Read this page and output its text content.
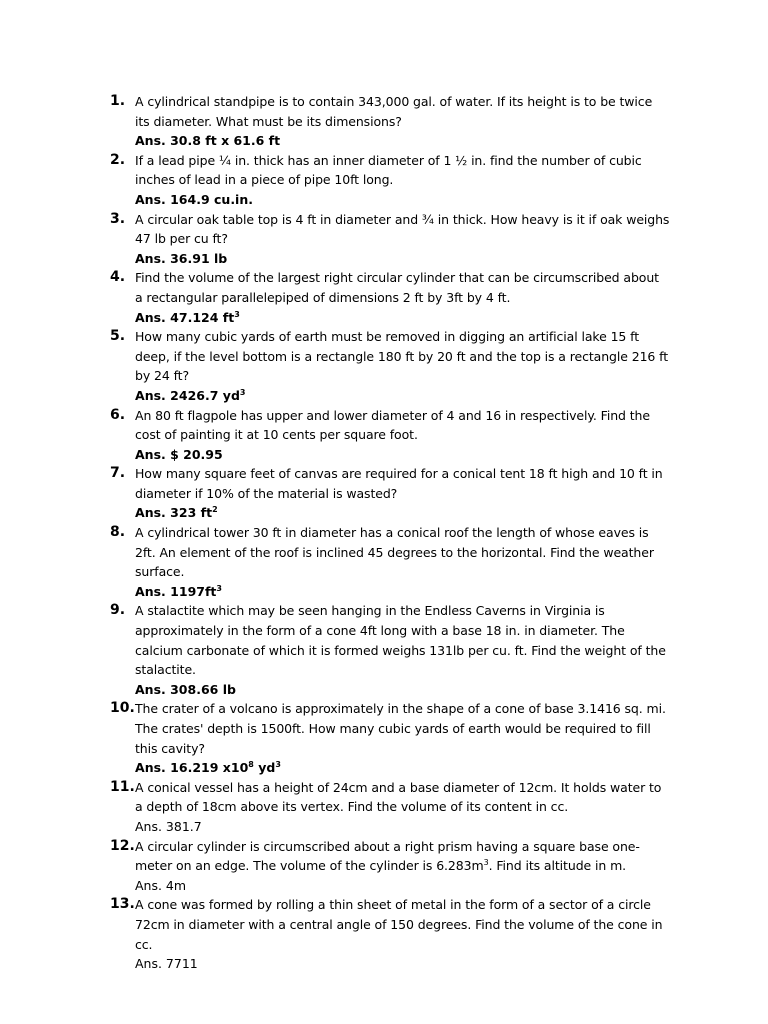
1. A cylindrical standpipe is to contain 343,000 gal. of water. If its height is to be twice its diameter. What must be its dimensions?
Ans. 30.8 ft x 61.6 ft
2. If a lead pipe ¼ in. thick has an inner diameter of 1 ½ in. find the number of cubic inches of lead in a piece of pipe 10ft long.
Ans. 164.9 cu.in.
3. A circular oak table top is 4 ft in diameter and ¾ in thick. How heavy is it if oak weighs 47 lb per cu ft?
Ans. 36.91 lb
4. Find the volume of the largest right circular cylinder that can be circumscribed about a rectangular parallelepiped of dimensions 2 ft by 3ft by 4 ft.
Ans. 47.124 $ft^3$
5. How many cubic yards of earth must be removed in digging an artificial lake 15 ft deep, if the level bottom is a rectangle 180 ft by 20 ft and the top is a rectangle 216 ft by 24 ft?
Ans. 2426.7 $yd^3$
6. An 80 ft flagpole has upper and lower diameter of 4 and 16 in respectively. Find the cost of painting it at 10 cents per square foot.
Ans. $ 20.95
7. How many square feet of canvas are required for a conical tent 18 ft high and 10 ft in diameter if 10% of the material is wasted?
Ans. 323 $ft^2$
8. A cylindrical tower 30 ft in diameter has a conical roof the length of whose eaves is 2ft. An element of the roof is inclined 45 degrees to the horizontal. Find the weather surface.
Ans. $1197ft^3$
9. A stalactite which may be seen hanging in the Endless Caverns in Virginia is approximately in the form of a cone 4ft long with a base 18 in. in diameter. The calcium carbonate of which it is formed weighs 131lb per cu. ft. Find the weight of the stalactite.
Ans. 308.66 lb
10. The crater of a volcano is approximately in the shape of a cone of base 3.1416 sq. mi. The crates' depth is 1500ft. How many cubic yards of earth would be required to fill this cavity?
Ans. 16.219 $x10^8$ $yd^3$
11. A conical vessel has a height of 24cm and a base diameter of 12cm. It holds water to a depth of 18cm above its vertex. Find the volume of its content in cc.
Ans. 381.7
12. A circular cylinder is circumscribed about a right prism having a square base one-meter on an edge. The volume of the cylinder is $6.283m^3$. Find its altitude in m.
Ans. 4m
13. A cone was formed by rolling a thin sheet of metal in the form of a sector of a circle 72cm in diameter with a central angle of 150 degrees. Find the volume of the cone in cc.
Ans. 7711
